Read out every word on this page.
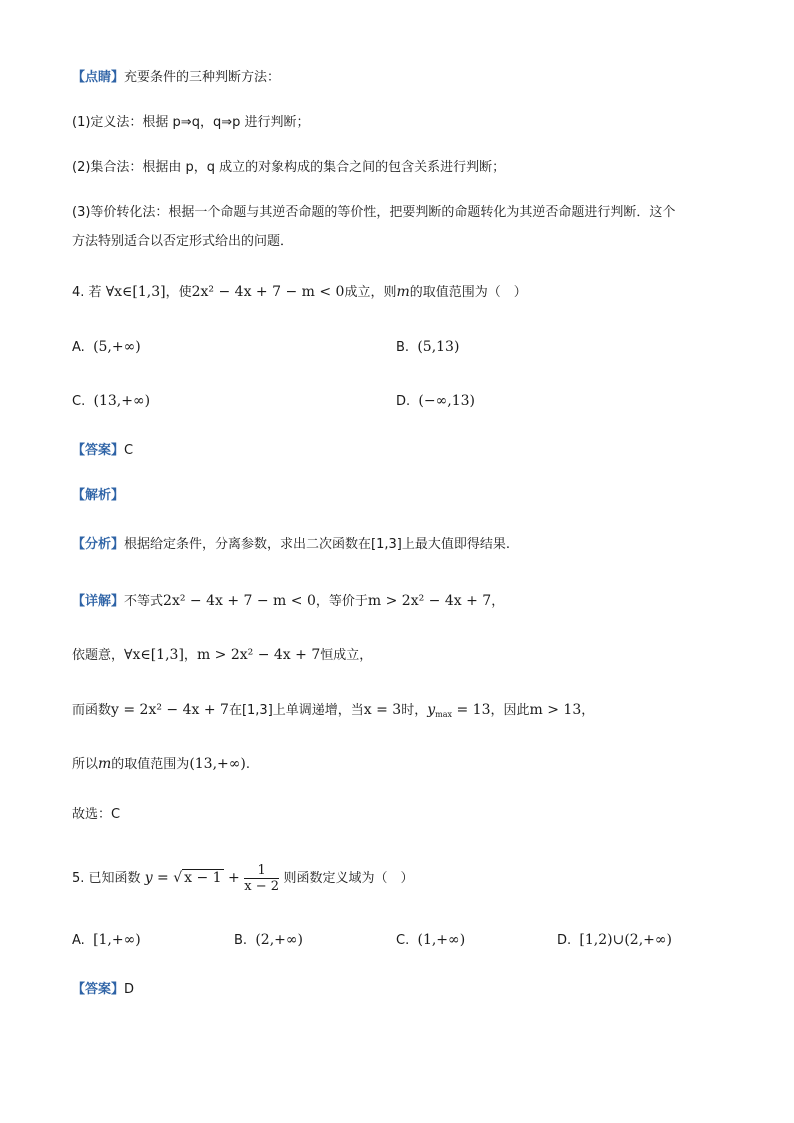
【点睛】充要条件的三种判断方法：
(1)定义法：根据 p⇒q，q⇒p 进行判断；
(2)集合法：根据由 p，q 成立的对象构成的集合之间的包含关系进行判断；
(3)等价转化法：根据一个命题与其逆否命题的等价性，把要判断的命题转化为其逆否命题进行判断．这个
方法特别适合以否定形式给出的问题．
4. 若 ∀x∈[1,3]，使2x² − 4x + 7 − m < 0成立，则m的取值范围为（　）
A. (5,+∞)	B. (5,13)
C. (13,+∞)	D. (−∞,13)
【答案】C
【解析】
【分析】根据给定条件，分离参数，求出二次函数在[1,3]上最大值即得结果.
【详解】不等式2x² − 4x + 7 − m < 0，等价于m > 2x² − 4x + 7，
依题意，∀x∈[1,3]，m > 2x² − 4x + 7恒成立，
而函数y = 2x² − 4x + 7在[1,3]上单调递增，当x = 3时，$y_{max} = 13$，因此m > 13，
所以m的取值范围为(13,+∞).
故选：C
5. 已知函数 y = √ $x - 1 + \frac{1}{x - 2}$ 则函数定义域为（　）
A. [1,+∞)	B. (2,+∞)	C. (1,+∞)	D. [1,2)∪(2,+∞)
【答案】D
